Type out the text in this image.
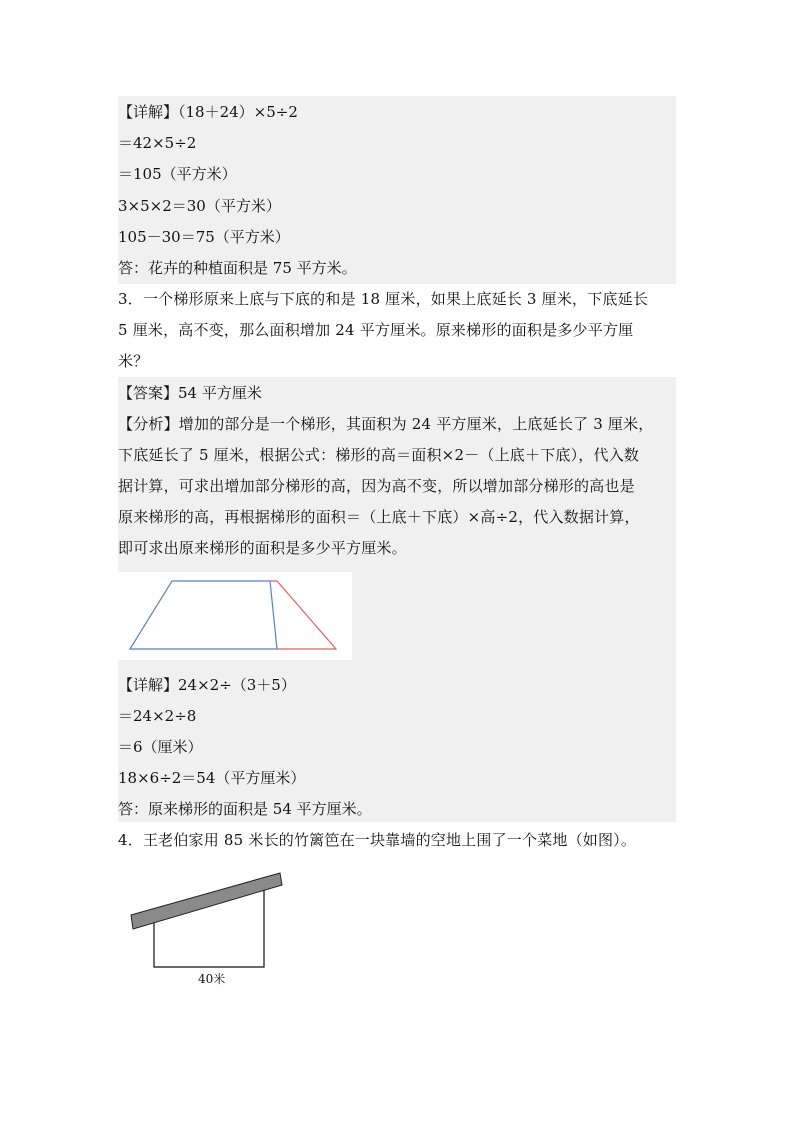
【详解】（18＋24）×5÷2
＝42×5÷2
＝105（平方米）
3×5×2＝30（平方米）
105－30＝75（平方米）
答：花卉的种植面积是 75 平方米。
3．一个梯形原来上底与下底的和是 18 厘米，如果上底延长 3 厘米，下底延长
5 厘米，高不变，那么面积增加 24 平方厘米。原来梯形的面积是多少平方厘
米？
【答案】54 平方厘米
【分析】增加的部分是一个梯形，其面积为 24 平方厘米，上底延长了 3 厘米，
下底延长了 5 厘米，根据公式：梯形的高＝面积×2－（上底＋下底），代入数
据计算，可求出增加部分梯形的高，因为高不变，所以增加部分梯形的高也是
原来梯形的高，再根据梯形的面积＝（上底＋下底）×高÷2，代入数据计算，
即可求出原来梯形的面积是多少平方厘米。
【详解】24×2÷（3＋5）
＝24×2÷8
＝6（厘米）
18×6÷2＝54（平方厘米）
答：原来梯形的面积是 54 平方厘米。
4．王老伯家用 85 米长的竹篱笆在一块靠墙的空地上围了一个菜地（如图）。
40米
